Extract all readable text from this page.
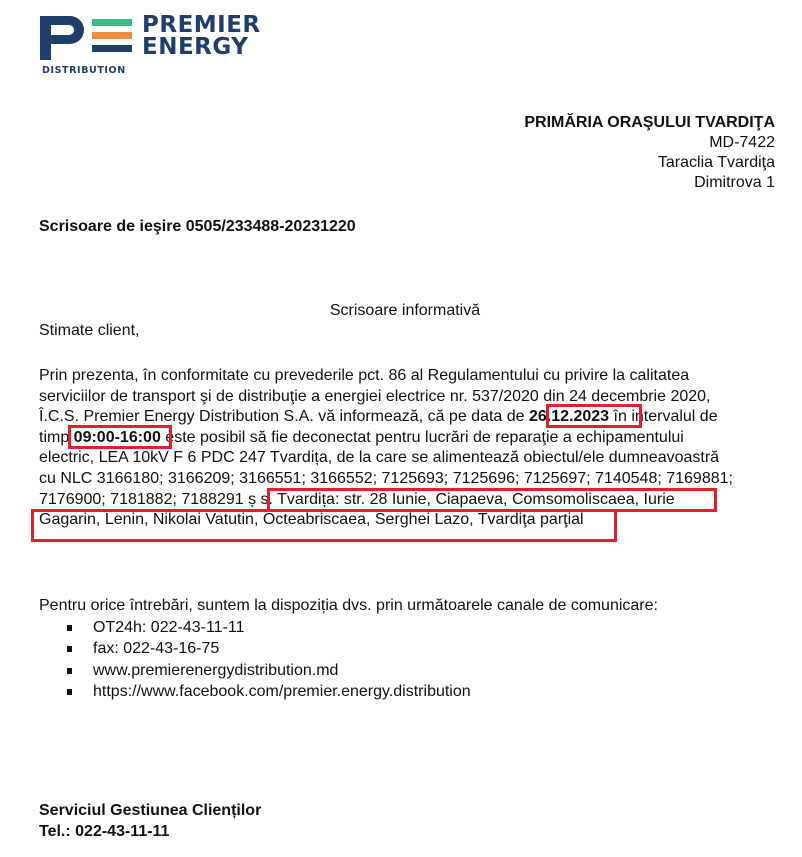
PREMIER
ENERGY
DISTRIBUTION
PRIMĂRIA ORAŞULUI TVARDIŢA
MD-7422
Taraclia Tvardiţa
Dimitrova 1
Scrisoare de ieşire 0505/233488-20231220
Scrisoare informativă
Stimate client,
Prin prezenta, în conformitate cu prevederile pct. 86 al Regulamentului cu privire la calitatea
serviciilor de transport şi de distribuţie a energiei electrice nr. 537/2020 din 24 decembrie 2020,
Î.C.S. Premier Energy Distribution S.A. vă informează, că pe data de 26.12.2023 în intervalul de
timp 09:00-16:00 este posibil să fie deconectat pentru lucrări de reparaţie a echipamentului
electric, LEA 10kV F 6 PDC 247 Tvardița, de la care se alimentează obiectul/ele dumneavoastră
cu NLC 3166180; 3166209; 3166551; 3166552; 7125693; 7125696; 7125697; 7140548; 7169881;
7176900; 7181882; 7188291 ș s. Tvardița: str. 28 Iunie, Ciapaeva, Comsomoliscaea, Iurie
Gagarin, Lenin, Nikolai Vatutin, Octeabriscaea, Serghei Lazo, Tvardiţa parţial
Pentru orice întrebări, suntem la dispoziția dvs. prin următoarele canale de comunicare:
OT24h: 022-43-11-11
fax: 022-43-16-75
www.premierenergydistribution.md
https://www.facebook.com/premier.energy.distribution
Serviciul Gestiunea Clienților
Tel.: 022-43-11-11
